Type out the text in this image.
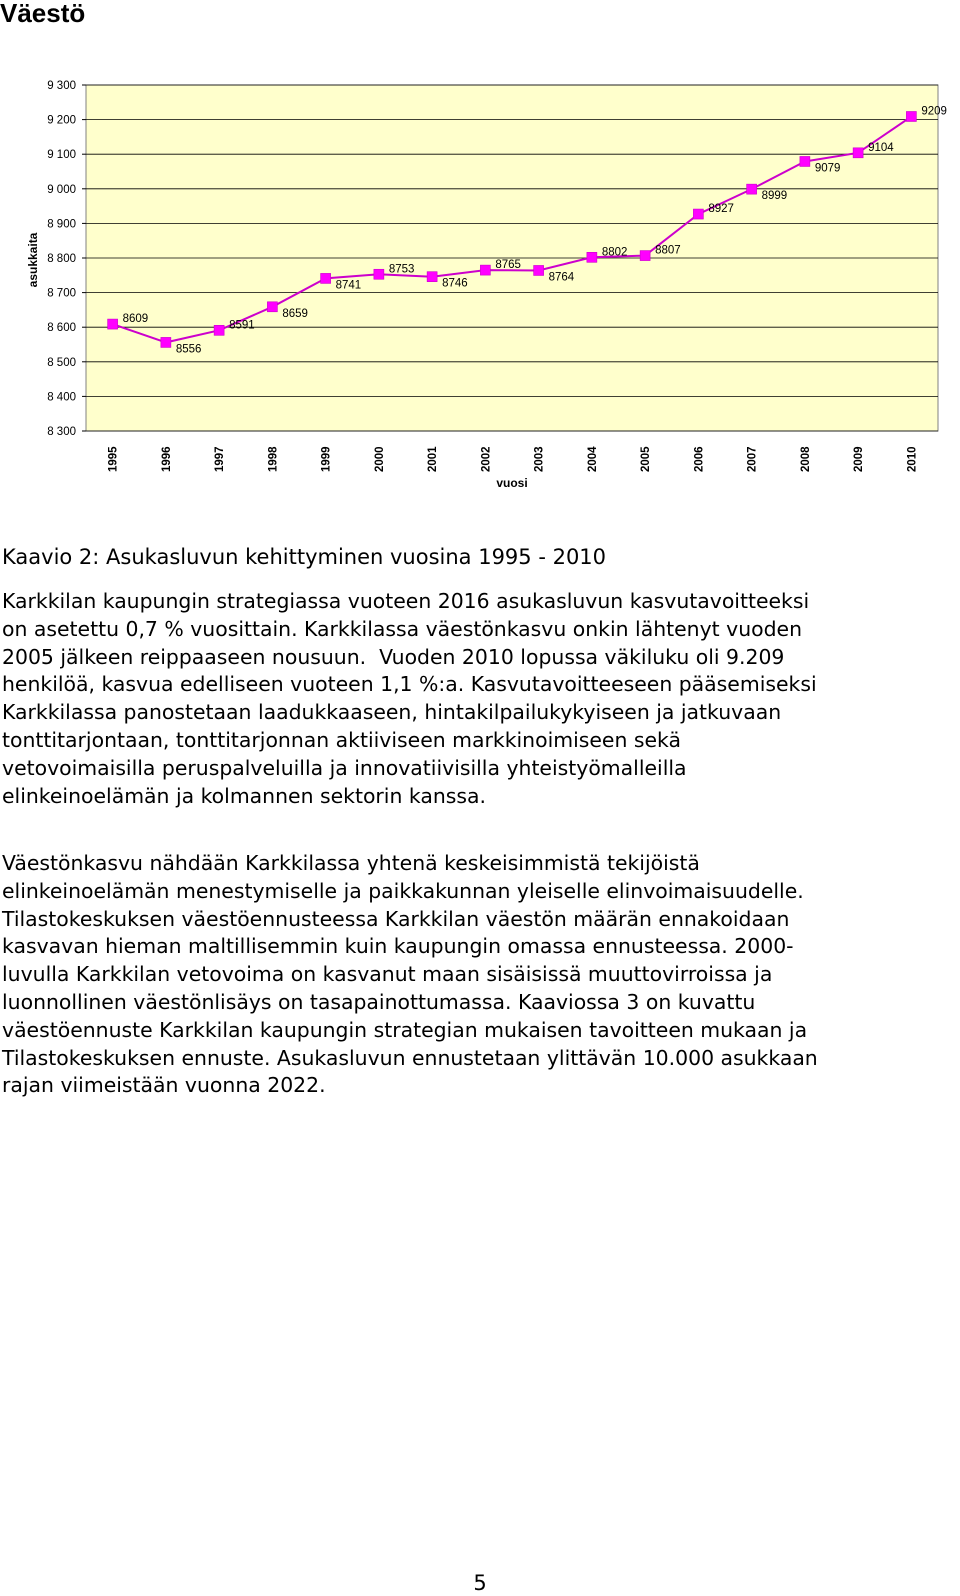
Väestö
9 300
9 200
9 100
9 000
8 900
8 800
8 700
8 600
8 500
8 400
8 300
1995	1996	1997	1998	1999	2000	2001	2002	2003	2004	2005	2006	2007	2008	2009	2010
8609
8556
8591
8659
8741
8753
8746
8765
8764
8802 8807
8927
8999
9079
9104
9209
asukkaita
vuosi

Kaavio 2: Asukasluvun kehittyminen vuosina 1995 - 2010

Karkkilan kaupungin strategiassa vuoteen 2016 asukasluvun kasvutavoitteeksi
on asetettu 0,7 % vuosittain. Karkkilassa väestönkasvu onkin lähtenyt vuoden
2005 jälkeen reippaaseen nousuun.  Vuoden 2010 lopussa väkiluku oli 9.209
henkilöä, kasvua edelliseen vuoteen 1,1 %:a. Kasvutavoitteeseen pääsemiseksi
Karkkilassa panostetaan laadukkaaseen, hintakilpailukykyiseen ja jatkuvaan
tonttitarjontaan, tonttitarjonnan aktiiviseen markkinoimiseen sekä
vetovoimaisilla peruspalveluilla ja innovatiivisilla yhteistyömalleilla
elinkeinoelämän ja kolmannen sektorin kanssa.
Väestönkasvu nähdään Karkkilassa yhtenä keskeisimmistä tekijöistä
elinkeinoelämän menestymiselle ja paikkakunnan yleiselle elinvoimaisuudelle.
Tilastokeskuksen väestöennusteessa Karkkilan väestön määrän ennakoidaan
kasvavan hieman maltillisemmin kuin kaupungin omassa ennusteessa. 2000-
luvulla Karkkilan vetovoima on kasvanut maan sisäisissä muuttovirroissa ja
luonnollinen väestönlisäys on tasapainottumassa. Kaaviossa 3 on kuvattu
väestöennuste Karkkilan kaupungin strategian mukaisen tavoitteen mukaan ja
Tilastokeskuksen ennuste. Asukasluvun ennustetaan ylittävän 10.000 asukkaan
rajan viimeistään vuonna 2022.

5
